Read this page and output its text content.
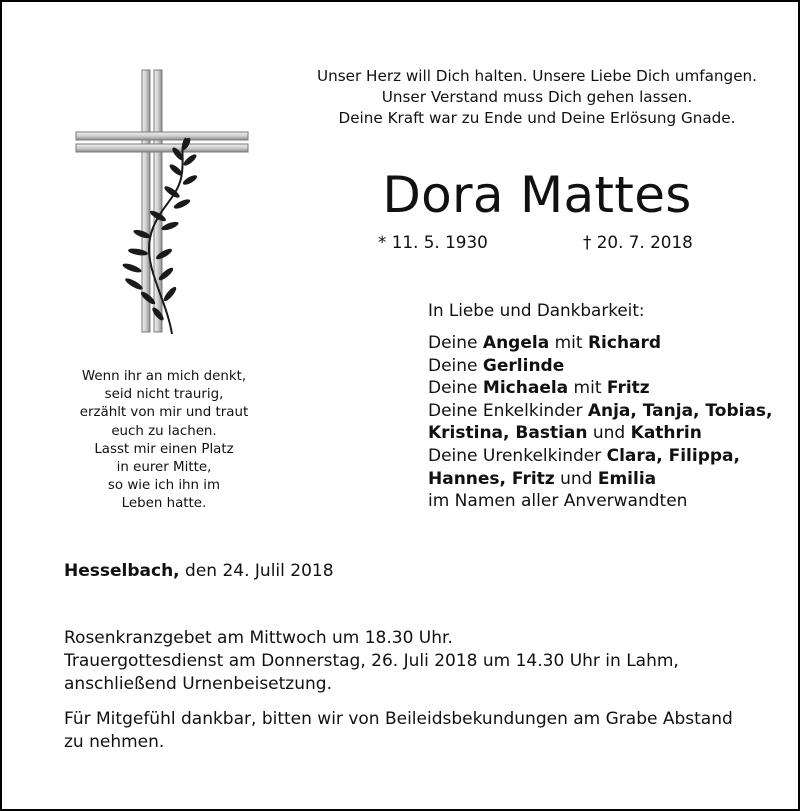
Wenn ihr an mich denkt,
seid nicht traurig,
erzählt von mir und traut
euch zu lachen.
Lasst mir einen Platz
in eurer Mitte,
so wie ich ihn im
Leben hatte.
Unser Herz will Dich halten. Unsere Liebe Dich umfangen.
Unser Verstand muss Dich gehen lassen.
Deine Kraft war zu Ende und Deine Erlösung Gnade.
Dora Mattes
* 11. 5. 1930	† 20. 7. 2018
In Liebe und Dankbarkeit:
Deine Angela mit Richard
Deine Gerlinde
Deine Michaela mit Fritz
Deine Enkelkinder Anja, Tanja, Tobias,
Kristina, Bastian und Kathrin
Deine Urenkelkinder Clara, Filippa,
Hannes, Fritz und Emilia
im Namen aller Anverwandten
Hesselbach, den 24. Julil 2018
Rosenkranzgebet am Mittwoch um 18.30 Uhr.
Trauergottesdienst am Donnerstag, 26. Juli 2018 um 14.30 Uhr in Lahm,
anschließend Urnenbeisetzung.
Für Mitgefühl dankbar, bitten wir von Beileidsbekundungen am Grabe Abstand
zu nehmen.
